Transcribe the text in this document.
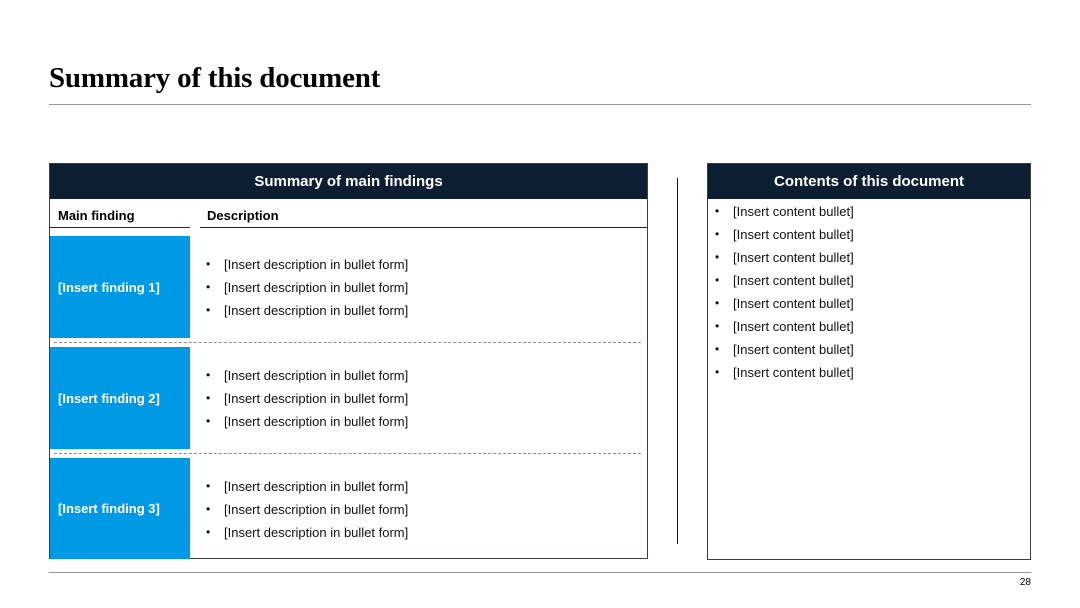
Summary of this document
Summary of main findings
Main finding	Description
[Insert finding 1]
• [Insert description in bullet form]
• [Insert description in bullet form]
• [Insert description in bullet form]
[Insert finding 2]
• [Insert description in bullet form]
• [Insert description in bullet form]
• [Insert description in bullet form]
[Insert finding 3]
• [Insert description in bullet form]
• [Insert description in bullet form]
• [Insert description in bullet form]
Contents of this document
• [Insert content bullet]
• [Insert content bullet]
• [Insert content bullet]
• [Insert content bullet]
• [Insert content bullet]
• [Insert content bullet]
• [Insert content bullet]
• [Insert content bullet]
28
